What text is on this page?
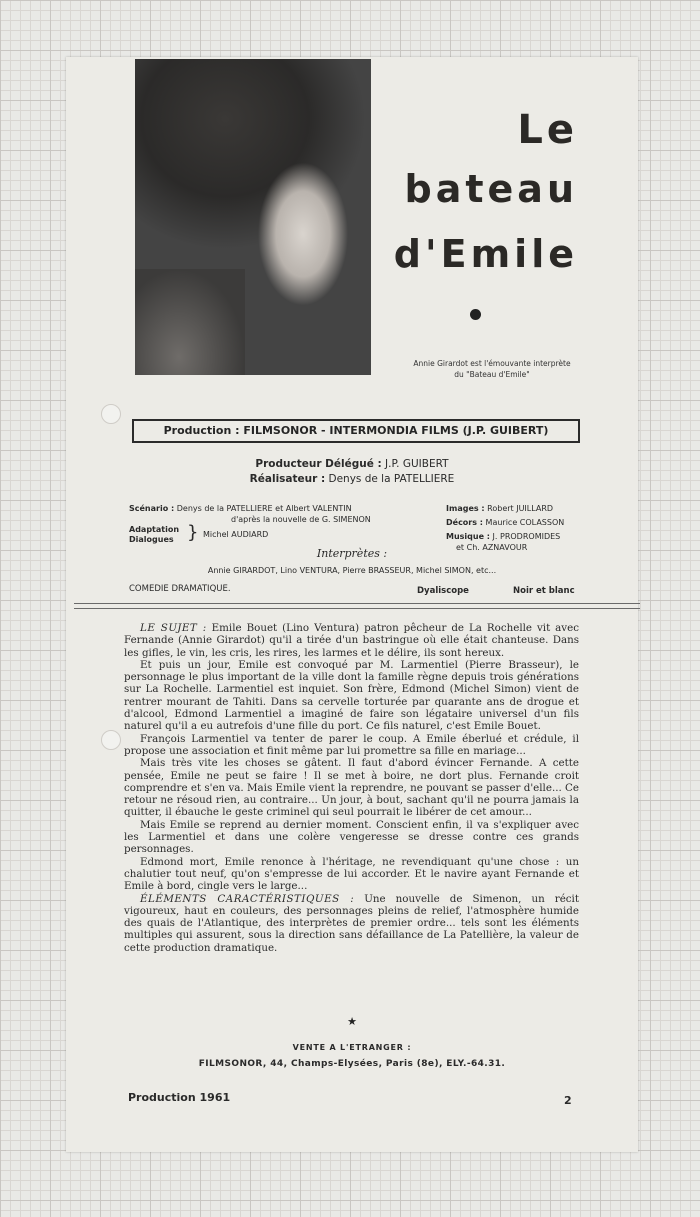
Le
bateau
d'Emile
Annie Girardot est l'émouvante interprète
du "Bateau d'Emile"
Production : FILMSONOR - INTERMONDIA FILMS (J.P. GUIBERT)
Producteur Délégué : J.P. GUIBERT
Réalisateur : Denys de la PATELLIERE
Scénario : Denys de la PATELLIERE et Albert VALENTIN
d'après la nouvelle de G. SIMENON
Adaptation
Dialogues } Michel AUDIARD
Images : Robert JUILLARD
Décors : Maurice COLASSON
Musique : J. PRODROMIDES
et Ch. AZNAVOUR
Interprètes :
Annie GIRARDOT, Lino VENTURA, Pierre BRASSEUR, Michel SIMON, etc...
COMEDIE DRAMATIQUE.	Dyaliscope	Noir et blanc

LE SUJET : Emile Bouet (Lino Ventura) patron pêcheur de La Rochelle vit avec Fernande (Annie Girardot) qu'il a tirée d'un bastringue où elle était chanteuse. Dans les gifles, le vin, les cris, les rires, les larmes et le délire, ils sont hereux.

Et puis un jour, Emile est convoqué par M. Larmentiel (Pierre Brasseur), le personnage le plus important de la ville dont la famille règne depuis trois générations sur La Rochelle. Larmentiel est inquiet. Son frère, Edmond (Michel Simon) vient de rentrer mourant de Tahiti. Dans sa cervelle torturée par quarante ans de drogue et d'alcool, Edmond Larmentiel a imaginé de faire son légataire universel d'un fils naturel qu'il a eu autrefois d'une fille du port. Ce fils naturel, c'est Emile Bouet.

François Larmentiel va tenter de parer le coup. A Emile éberlué et crédule, il propose une association et finit même par lui promettre sa fille en mariage...

Mais très vite les choses se gâtent. Il faut d'abord évincer Fernande. A cette pensée, Emile ne peut se faire ! Il se met à boire, ne dort plus. Fernande croit comprendre et s'en va. Mais Emile vient la reprendre, ne pouvant se passer d'elle... Ce retour ne résoud rien, au contraire... Un jour, à bout, sachant qu'il ne pourra jamais la quitter, il ébauche le geste criminel qui seul pourrait le libérer de cet amour...

Mais Emile se reprend au dernier moment. Conscient enfin, il va s'expliquer avec les Larmentiel et dans une colère vengeresse se dresse contre ces grands personnages.

Edmond mort, Emile renonce à l'héritage, ne revendiquant qu'une chose : un chalutier tout neuf, qu'on s'empresse de lui accorder. Et le navire ayant Fernande et Emile à bord, cingle vers le large...

ÉLÉMENTS CARACTÉRISTIQUES : Une nouvelle de Simenon, un récit vigoureux, haut en couleurs, des personnages pleins de relief, l'atmosphère humide des quais de l'Atlantique, des interprètes de premier ordre... tels sont les éléments multiples qui assurent, sous la direction sans défaillance de La Patellière, la valeur de cette production dramatique.

★
VENTE A L'ETRANGER :
FILMSONOR, 44, Champs-Elysées, Paris (8e), ELY.-64.31.
Production 1961	2
